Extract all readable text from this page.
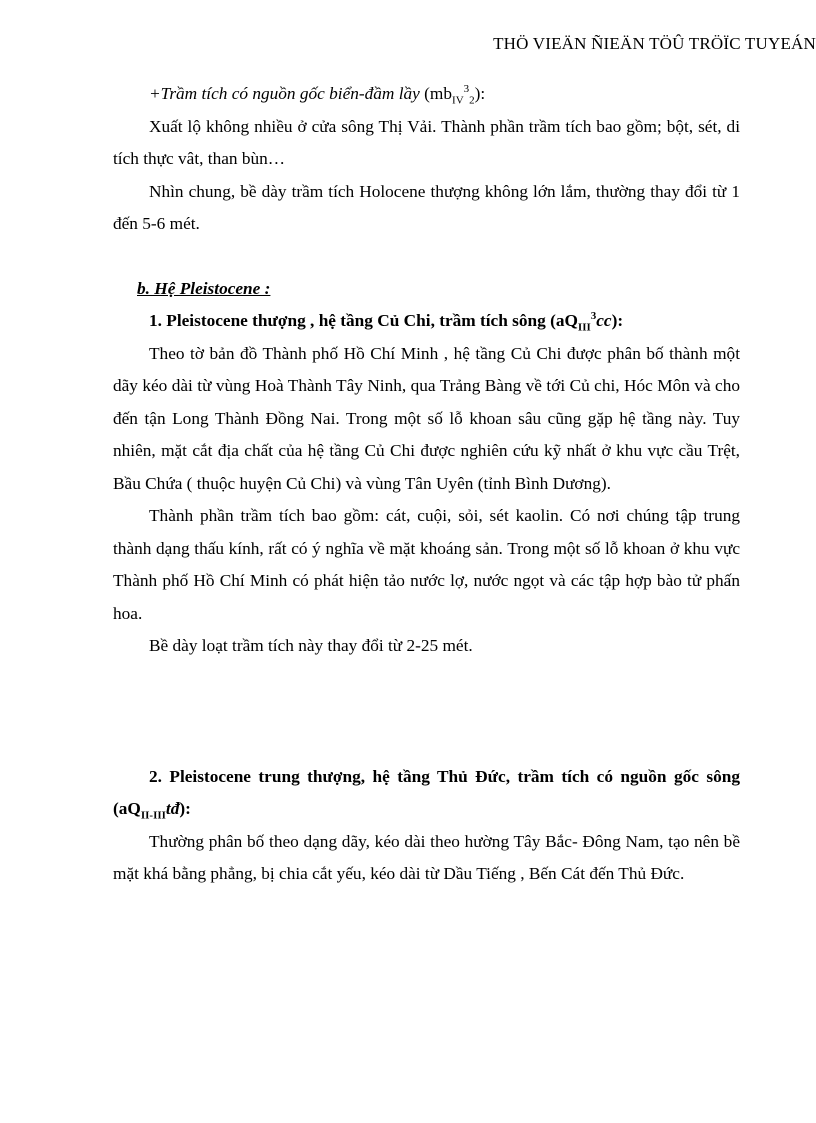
THÖ VIEÄN ÑIEÄN TÖÛ TRÖÏC TUYEÁN

+Trầm tích có nguồn gốc biển-đầm lầy $(mb_{IV}^3_2)$:

Xuất lộ không nhiều ở cửa sông Thị Vải. Thành phần trầm tích bao gồm; bột, sét, di tích thực vât, than bùn…

Nhìn chung, bề dày trầm tích Holocene thượng không lớn lắm, thường thay đổi từ 1 đến 5-6 mét.

b. Hệ Pleistocene :

1. Pleistocene thượng , hệ tầng Củ Chi, trầm tích sông $(aQ_{III}^3cc)$:

Theo tờ bản đồ Thành phố Hồ Chí Minh , hệ tầng Củ Chi được phân bố thành một dãy kéo dài từ vùng Hoà Thành Tây Ninh, qua Trảng Bàng về tới Củ chi, Hóc Môn và cho đến tận Long Thành Đồng Nai. Trong một số lỗ khoan sâu cũng gặp hệ tầng này. Tuy nhiên, mặt cắt địa chất của hệ tầng Củ Chi được nghiên cứu kỹ nhất ở khu vực cầu Trệt, Bầu Chứa ( thuộc huyện Củ Chi) và vùng Tân Uyên (tỉnh Bình Dương).

Thành phần trầm tích bao gồm: cát, cuội, sỏi, sét kaolin. Có nơi chúng tập trung thành dạng thấu kính, rất có ý nghĩa về mặt khoáng sản. Trong một số lỗ khoan ở khu vực Thành phố Hồ Chí Minh có phát hiện tảo nước lợ, nước ngọt và các tập hợp bào tử phấn hoa.

Bề dày loạt trầm tích này thay đổi từ 2-25 mét.

2. Pleistocene trung thượng, hệ tầng Thủ Đức, trầm tích có nguồn gốc sông $(aQ_{II-III}tđ)$:

Thường phân bố theo dạng dãy, kéo dài theo hường Tây Bắc- Đông Nam, tạo nên bề mặt khá bằng phẳng, bị chia cắt yếu, kéo dài từ Dầu Tiếng , Bến Cát đến Thủ Đức.
